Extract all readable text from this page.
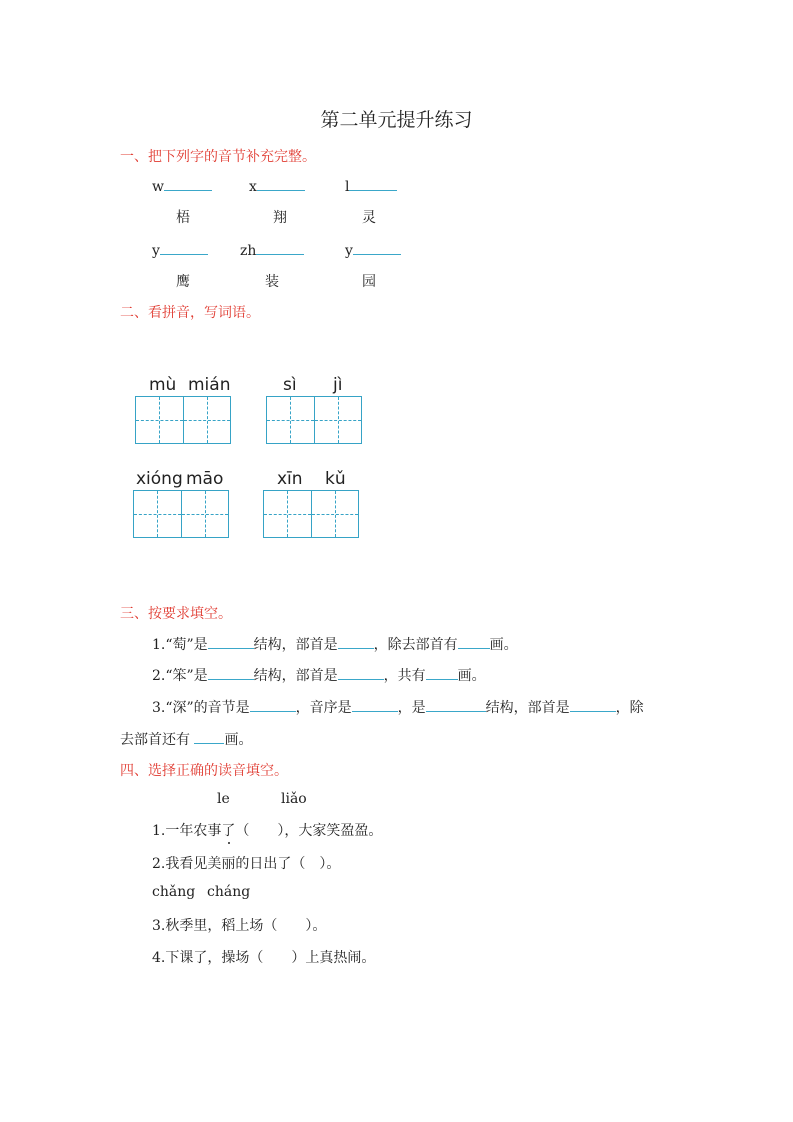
第二单元提升练习
一、把下列字的音节补充完整。
w	x	l
梧	翔	灵
y	zh	y
鹰	装	园
二、看拼音，写词语。
mù mián	sì jì
xióng māo	xīn kǔ
三、按要求填空。
1.“萄”是	结构，部首是	，除去部首有 画。
2.“笨”是	结构，部首是	，共有 画。
3.“深”的音节是	，音序是	，是	结构，部首是	，除
去部首还有 画。
四、选择正确的读音填空。
le	liǎo
1.一年农事了（　　），大家笑盈盈。
2.我看见美丽的日出了（　）。
chǎng cháng
3.秋季里，稻上场（　　）。
4.下课了，操场（　　）上真热闹。
